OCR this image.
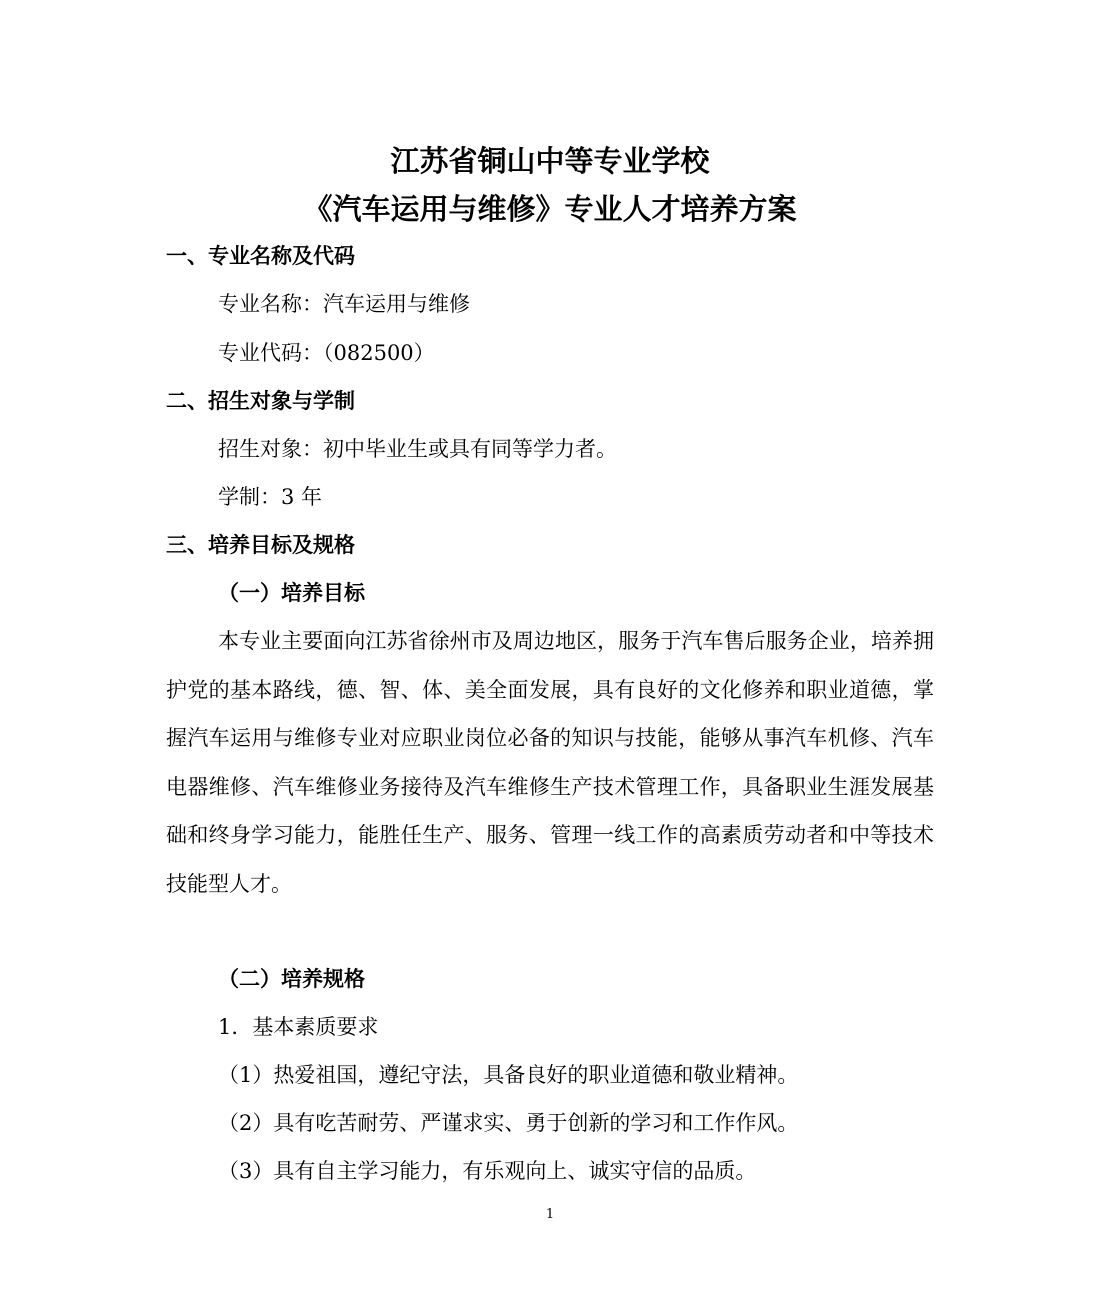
江苏省铜山中等专业学校
《汽车运用与维修》专业人才培养方案
一、专业名称及代码
专业名称：汽车运用与维修
专业代码：（082500）
二、招生对象与学制
招生对象：初中毕业生或具有同等学力者。
学制：3 年
三、培养目标及规格
（一）培养目标
本专业主要面向江苏省徐州市及周边地区，服务于汽车售后服务企业，培养拥护党的基本路线，德、智、体、美全面发展，具有良好的文化修养和职业道德，掌握汽车运用与维修专业对应职业岗位必备的知识与技能，能够从事汽车机修、汽车电器维修、汽车维修业务接待及汽车维修生产技术管理工作，具备职业生涯发展基础和终身学习能力，能胜任生产、服务、管理一线工作的高素质劳动者和中等技术技能型人才。
（二）培养规格
1．基本素质要求
（1）热爱祖国，遵纪守法，具备良好的职业道德和敬业精神。
（2）具有吃苦耐劳、严谨求实、勇于创新的学习和工作作风。
（3）具有自主学习能力，有乐观向上、诚实守信的品质。
1
